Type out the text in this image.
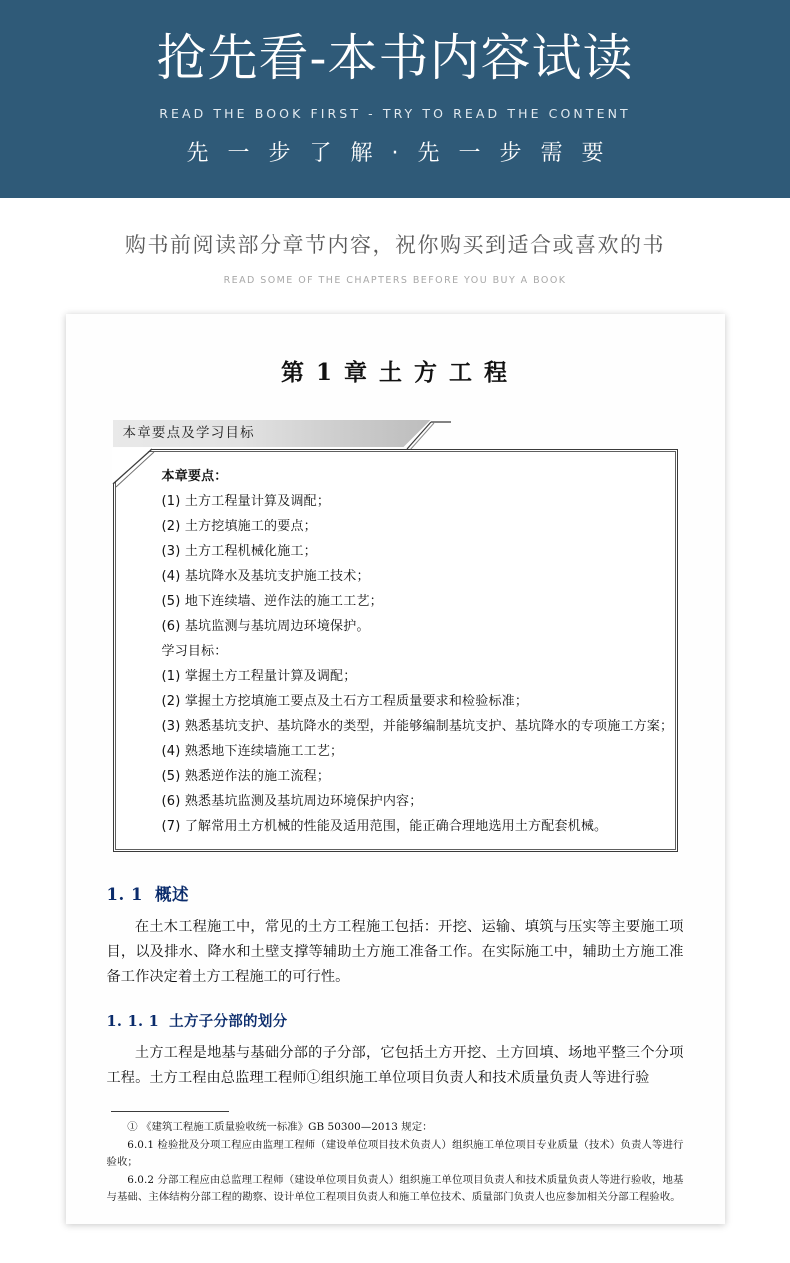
抢先看-本书内容试读
READ THE BOOK FIRST - TRY TO READ THE CONTENT
先 一 步 了 解 · 先 一 步 需 要
购书前阅读部分章节内容，祝你购买到适合或喜欢的书
READ SOME OF THE CHAPTERS BEFORE YOU BUY A BOOK
第 1 章 土 方 工 程
本章要点及学习目标
本章要点：
(1) 土方工程量计算及调配；
(2) 土方挖填施工的要点；
(3) 土方工程机械化施工；
(4) 基坑降水及基坑支护施工技术；
(5) 地下连续墙、逆作法的施工工艺；
(6) 基坑监测与基坑周边环境保护。
学习目标：
(1) 掌握土方工程量计算及调配；
(2) 掌握土方挖填施工要点及土石方工程质量要求和检验标准；
(3) 熟悉基坑支护、基坑降水的类型，并能够编制基坑支护、基坑降水的专项施工方案；
(4) 熟悉地下连续墙施工工艺；
(5) 熟悉逆作法的施工流程；
(6) 熟悉基坑监测及基坑周边环境保护内容；
(7) 了解常用土方机械的性能及适用范围，能正确合理地选用土方配套机械。
1. 1 概述

在土木工程施工中，常见的土方工程施工包括：开挖、运输、填筑与压实等主要施工项目，以及排水、降水和土壁支撑等辅助土方施工准备工作。在实际施工中，辅助土方施工准备工作决定着土方工程施工的可行性。

1. 1. 1 土方子分部的划分

土方工程是地基与基础分部的子分部，它包括土方开挖、土方回填、场地平整三个分项工程。土方工程由总监理工程师①组织施工单位项目负责人和技术质量负责人等进行验

① 《建筑工程施工质量验收统一标准》GB 50300—2013 规定：
6.0.1 检验批及分项工程应由监理工程师（建设单位项目技术负责人）组织施工单位项目专业质量（技术）负责人等进行验收；
6.0.2 分部工程应由总监理工程师（建设单位项目负责人）组织施工单位项目负责人和技术质量负责人等进行验收，地基与基础、主体结构分部工程的勘察、设计单位工程项目负责人和施工单位技术、质量部门负责人也应参加相关分部工程验收。
